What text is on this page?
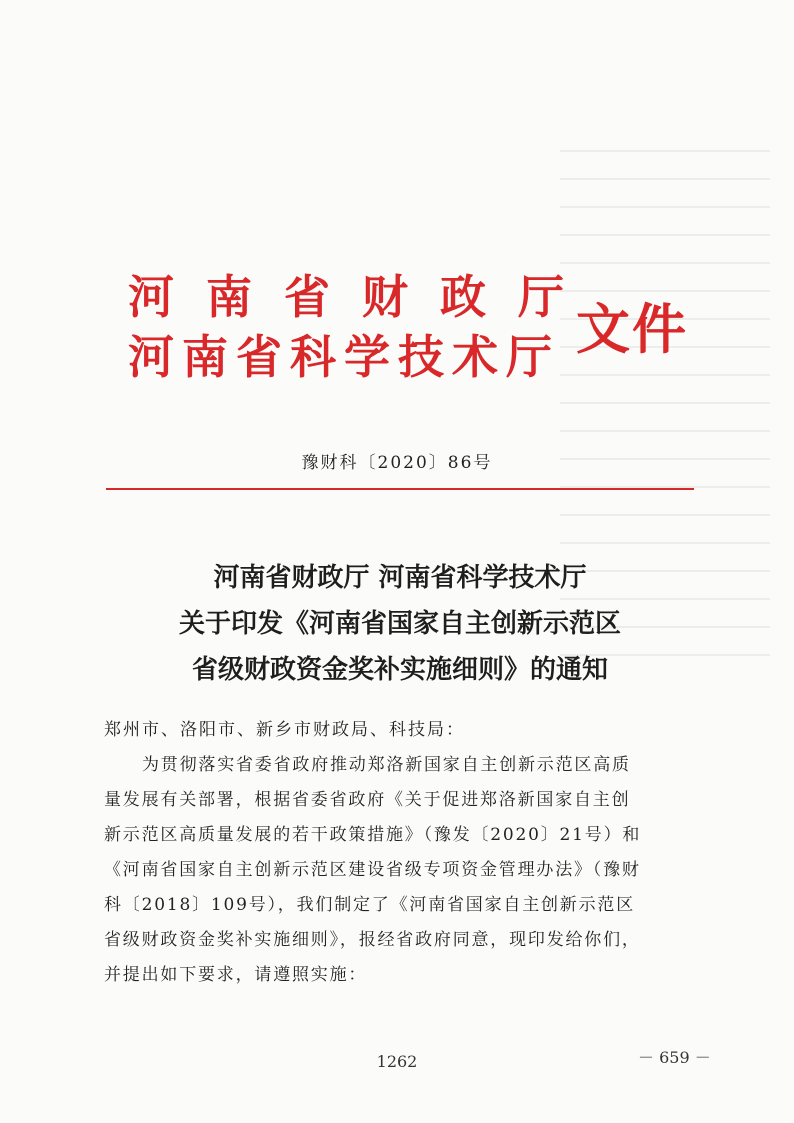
河南省财政厅
河南省科学技术厅 文件
豫财科〔2020〕86号
河南省财政厅 河南省科学技术厅
关于印发《河南省国家自主创新示范区
省级财政资金奖补实施细则》的通知
郑州市、洛阳市、新乡市财政局、科技局：
为贯彻落实省委省政府推动郑洛新国家自主创新示范区高质
量发展有关部署，根据省委省政府《关于促进郑洛新国家自主创
新示范区高质量发展的若干政策措施》（豫发〔2020〕21号）和
《河南省国家自主创新示范区建设省级专项资金管理办法》（豫财
科〔2018〕109号），我们制定了《河南省国家自主创新示范区
省级财政资金奖补实施细则》，报经省政府同意，现印发给你们，
并提出如下要求，请遵照实施：
－ 659 －
1262
